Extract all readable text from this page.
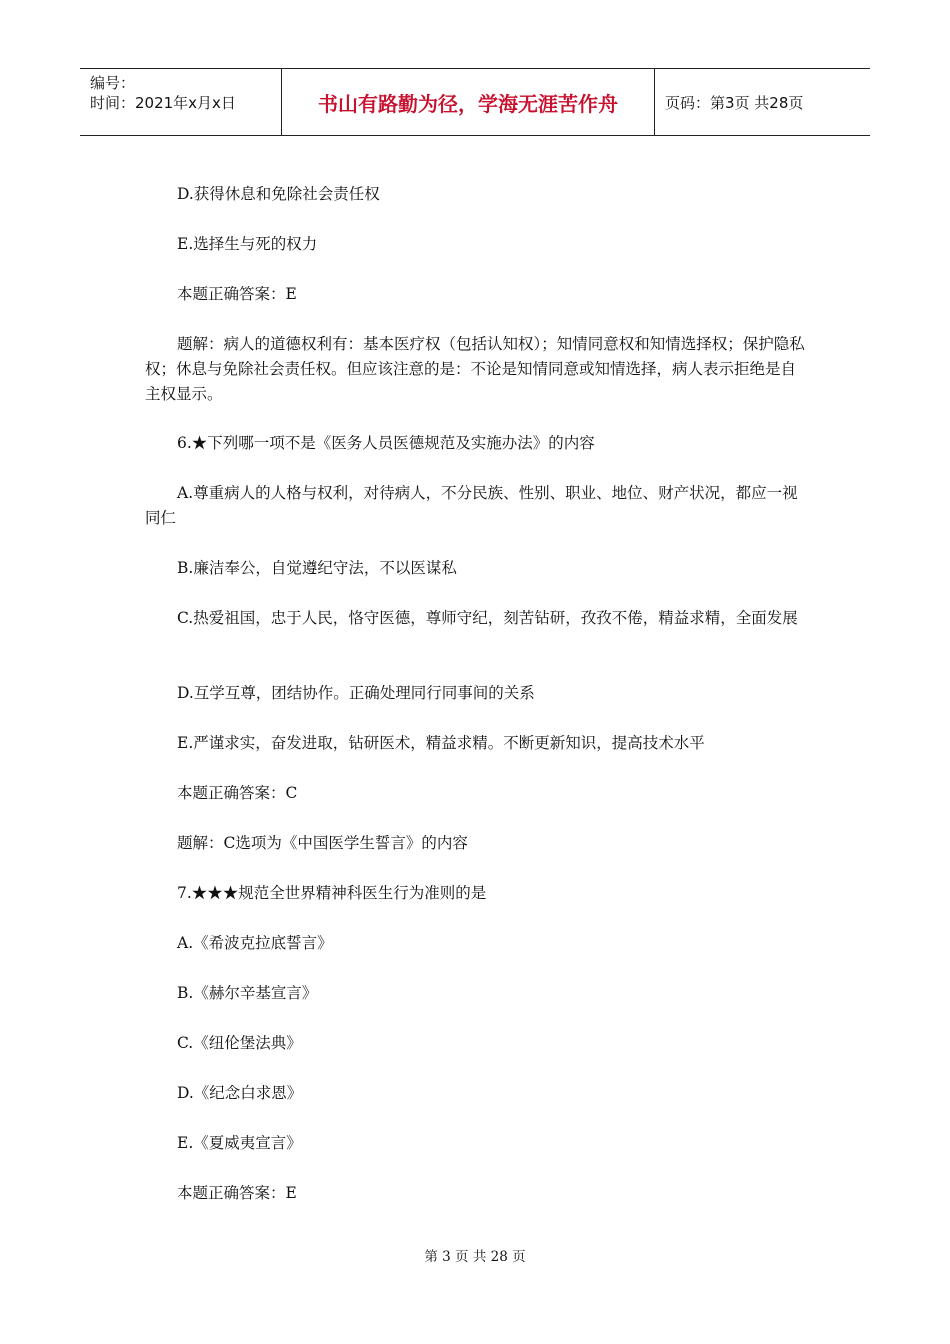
编号：
时间：2021年x月x日	书山有路勤为径，学海无涯苦作舟	页码：第3页 共28页

D.获得休息和免除社会责任权

E.选择生与死的权力

本题正确答案：E

题解：病人的道德权利有：基本医疗权（包括认知权）；知情同意权和知情选择权；保护隐私权；休息与免除社会责任权。但应该注意的是：不论是知情同意或知情选择，病人表示拒绝是自主权显示。

6.★下列哪一项不是《医务人员医德规范及实施办法》的内容

A.尊重病人的人格与权利，对待病人，不分民族、性别、职业、地位、财产状况，都应一视同仁

B.廉洁奉公，自觉遵纪守法，不以医谋私

C.热爱祖国，忠于人民，恪守医德，尊师守纪，刻苦钻研，孜孜不倦，精益求精，全面发展

D.互学互尊，团结协作。正确处理同行同事间的关系

E.严谨求实，奋发进取，钻研医术，精益求精。不断更新知识，提高技术水平

本题正确答案：C

题解：C选项为《中国医学生誓言》的内容

7.★★★规范全世界精神科医生行为准则的是

A.《希波克拉底誓言》

B.《赫尔辛基宣言》

C.《纽伦堡法典》

D.《纪念白求恩》

E.《夏威夷宣言》

本题正确答案：E

第 3 页 共 28 页
